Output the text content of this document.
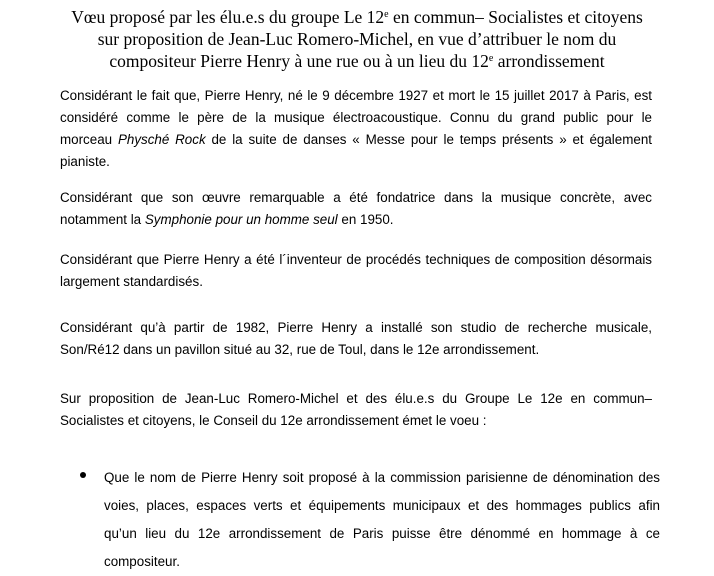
Vœu proposé par les élu.e.s du groupe Le 12e en commun– Socialistes et citoyens
sur proposition de Jean-Luc Romero-Michel, en vue d’attribuer le nom du
compositeur Pierre Henry à une rue ou à un lieu du 12e arrondissement
Considérant le fait que, Pierre Henry, né le 9 décembre 1927 et mort le 15 juillet 2017 à Paris, est
considéré comme le père de la musique électroacoustique. Connu du grand public pour le
morceau Physché Rock de la suite de danses « Messe pour le temps présents » et également
pianiste.
Considérant que son œuvre remarquable a été fondatrice dans la musique concrète, avec
notamment la Symphonie pour un homme seul en 1950.
Considérant que Pierre Henry a été l´inventeur de procédés techniques de composition désormais
largement standardisés.
Considérant qu’à partir de 1982, Pierre Henry a installé son studio de recherche musicale,
Son/Ré12 dans un pavillon situé au 32, rue de Toul, dans le 12e arrondissement.
Sur proposition de Jean-Luc Romero-Michel et des élu.e.s du Groupe Le 12e en commun–
Socialistes et citoyens, le Conseil du 12e arrondissement émet le voeu :
Que le nom de Pierre Henry soit proposé à la commission parisienne de dénomination des
voies, places, espaces verts et équipements municipaux et des hommages publics afin
qu’un lieu du 12e arrondissement de Paris puisse être dénommé en hommage à ce
compositeur.
